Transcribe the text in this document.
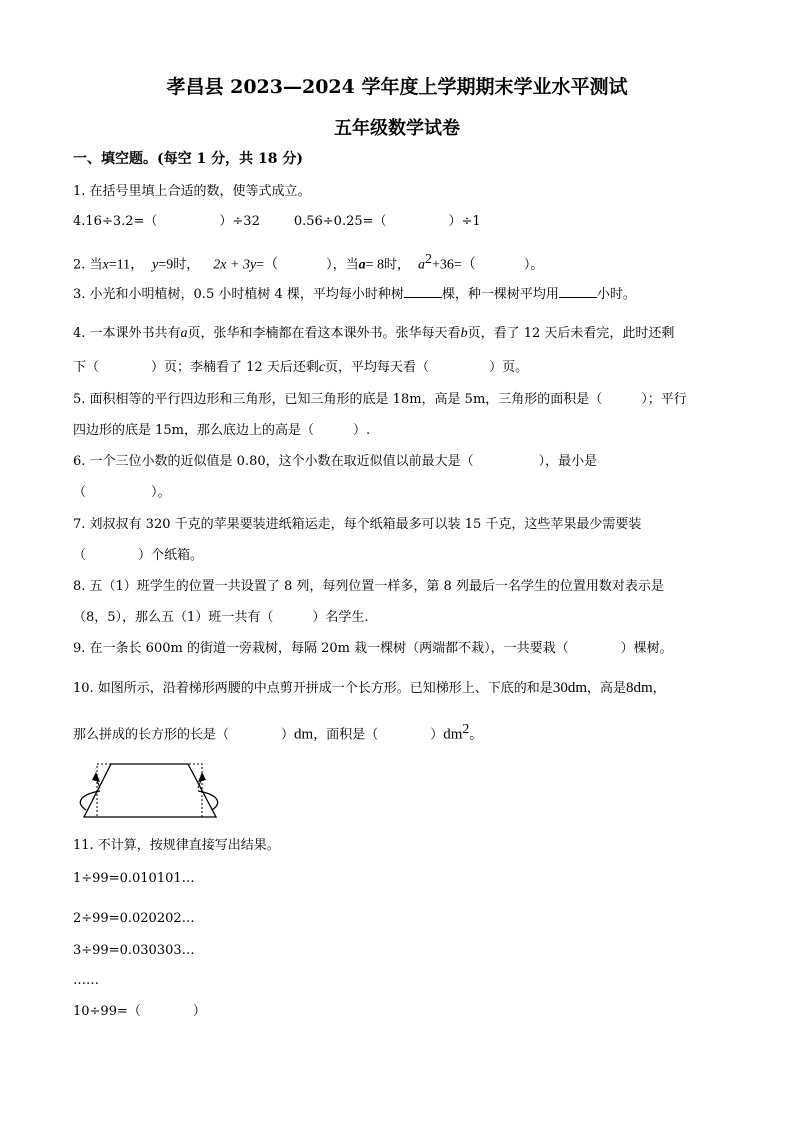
孝昌县 2023—2024 学年度上学期期末学业水平测试
五年级数学试卷
一、填空题。(每空 1 分，共 18 分)
1. 在括号里填上合适的数，使等式成立。
4.16÷3.2=（	）÷32	0.56÷0.25=（	）÷1
2. 当x=11， y=9时， 2x + 3y=（	），当a= 8时， $a^2+36=$（	）。
3. 小光和小明植树，0.5 小时植树 4 棵，平均每小时种树	棵，种一棵树平均用	小时。
4. 一本课外书共有a页，张华和李楠都在看这本课外书。张华每天看b页，看了 12 天后未看完，此时还剩
下（	）页；李楠看了 12 天后还剩c页，平均每天看（	）页。
5. 面积相等的平行四边形和三角形，已知三角形的底是 18m，高是 5m，三角形的面积是（　　　）；平行
四边形的底是 15m，那么底边上的高是（　　　）.
6. 一个三位小数的近似值是 0.80，这个小数在取近似值以前最大是（　　　　　），最小是
（　　　　　）。
7. 刘叔叔有 320 千克的苹果要装进纸箱运走，每个纸箱最多可以装 15 千克，这些苹果最少需要装
（　　　　）个纸箱。
8. 五（1）班学生的位置一共设置了 8 列，每列位置一样多，第 8 列最后一名学生的位置用数对表示是
（8，5），那么五（1）班一共有（　　　）名学生.
9. 在一条长 600m 的街道一旁栽树，每隔 20m 栽一棵树（两端都不栽），一共要栽（　　　　）棵树。
10. 如图所示，沿着梯形两腰的中点剪开拼成一个长方形。已知梯形上、下底的和是30dm，高是8dm，
那么拼成的长方形的长是（　　　　）dm，面积是（　　　　）$dm^2$。
11. 不计算，按规律直接写出结果。
1÷99=0.010101…
2÷99=0.020202…
3÷99=0.030303…
……
10÷99=（　　　　）
